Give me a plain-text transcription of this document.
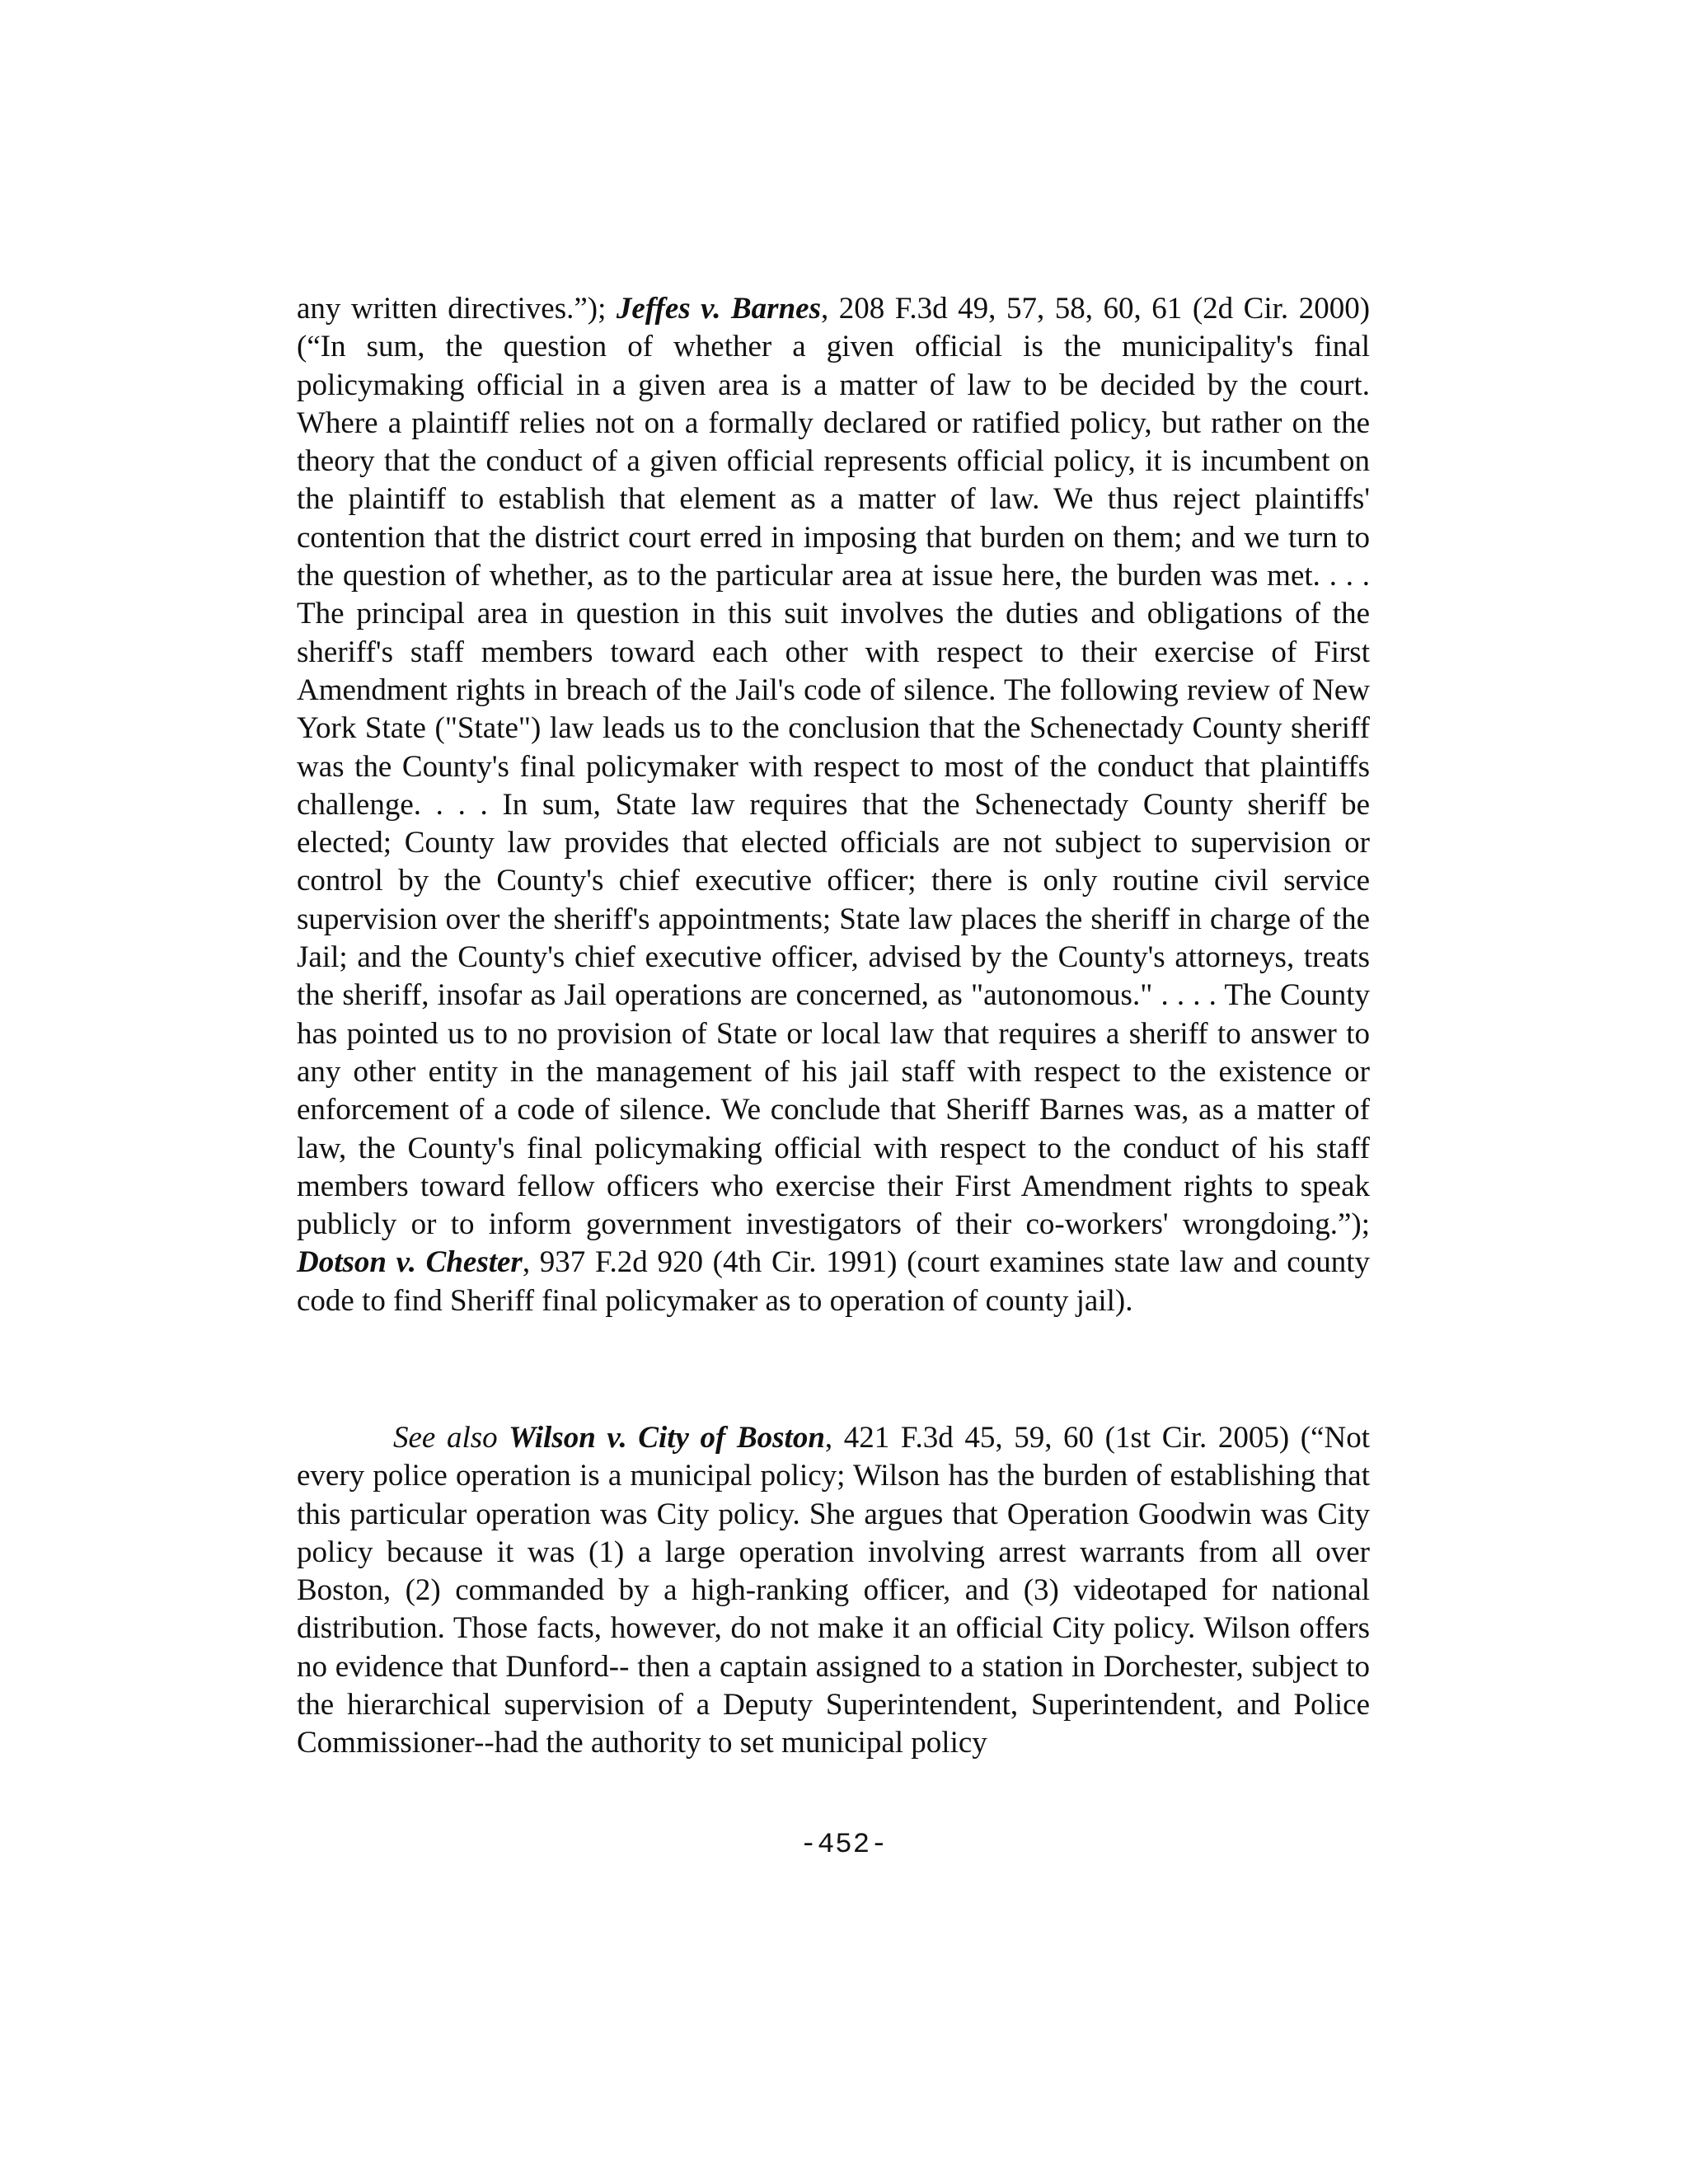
any written directives.”); Jeffes v. Barnes, 208 F.3d 49, 57, 58, 60, 61 (2d Cir. 2000) (“In sum, the question of whether a given official is the municipality's final policymaking official in a given area is a matter of law to be decided by the court. Where a plaintiff relies not on a formally declared or ratified policy, but rather on the theory that the conduct of a given official represents official policy, it is incumbent on the plaintiff to establish that element as a matter of law. We thus reject plaintiffs' contention that the district court erred in imposing that burden on them; and we turn to the question of whether, as to the particular area at issue here, the burden was met. . . . The principal area in question in this suit involves the duties and obligations of the sheriff's staff members toward each other with respect to their exercise of First Amendment rights in breach of the Jail's code of silence. The following review of New York State ("State") law leads us to the conclusion that the Schenectady County sheriff was the County's final policymaker with respect to most of the conduct that plaintiffs challenge. . . . In sum, State law requires that the Schenectady County sheriff be elected; County law provides that elected officials are not subject to supervision or control by the County's chief executive officer; there is only routine civil service supervision over the sheriff's appointments; State law places the sheriff in charge of the Jail; and the County's chief executive officer, advised by the County's attorneys, treats the sheriff, insofar as Jail operations are concerned, as "autonomous." . . . . The County has pointed us to no provision of State or local law that requires a sheriff to answer to any other entity in the management of his jail staff with respect to the existence or enforcement of a code of silence. We conclude that Sheriff Barnes was, as a matter of law, the County's final policymaking official with respect to the conduct of his staff members toward fellow officers who exercise their First Amendment rights to speak publicly or to inform government investigators of their co-workers' wrongdoing.”); Dotson v. Chester, 937 F.2d 920 (4th Cir. 1991) (court examines state law and county code to find Sheriff final policymaker as to operation of county jail).

See also Wilson v. City of Boston, 421 F.3d 45, 59, 60 (1st Cir. 2005) (“Not every police operation is a municipal policy; Wilson has the burden of establishing that this particular operation was City policy. She argues that Operation Goodwin was City policy because it was (1) a large operation involving arrest warrants from all over Boston, (2) commanded by a high-ranking officer, and (3) videotaped for national distribution. Those facts, however, do not make it an official City policy. Wilson offers no evidence that Dunford-- then a captain assigned to a station in Dorchester, subject to the hierarchical supervision of a Deputy Superintendent, Superintendent, and Police Commissioner--had the authority to set municipal policy

-452-
